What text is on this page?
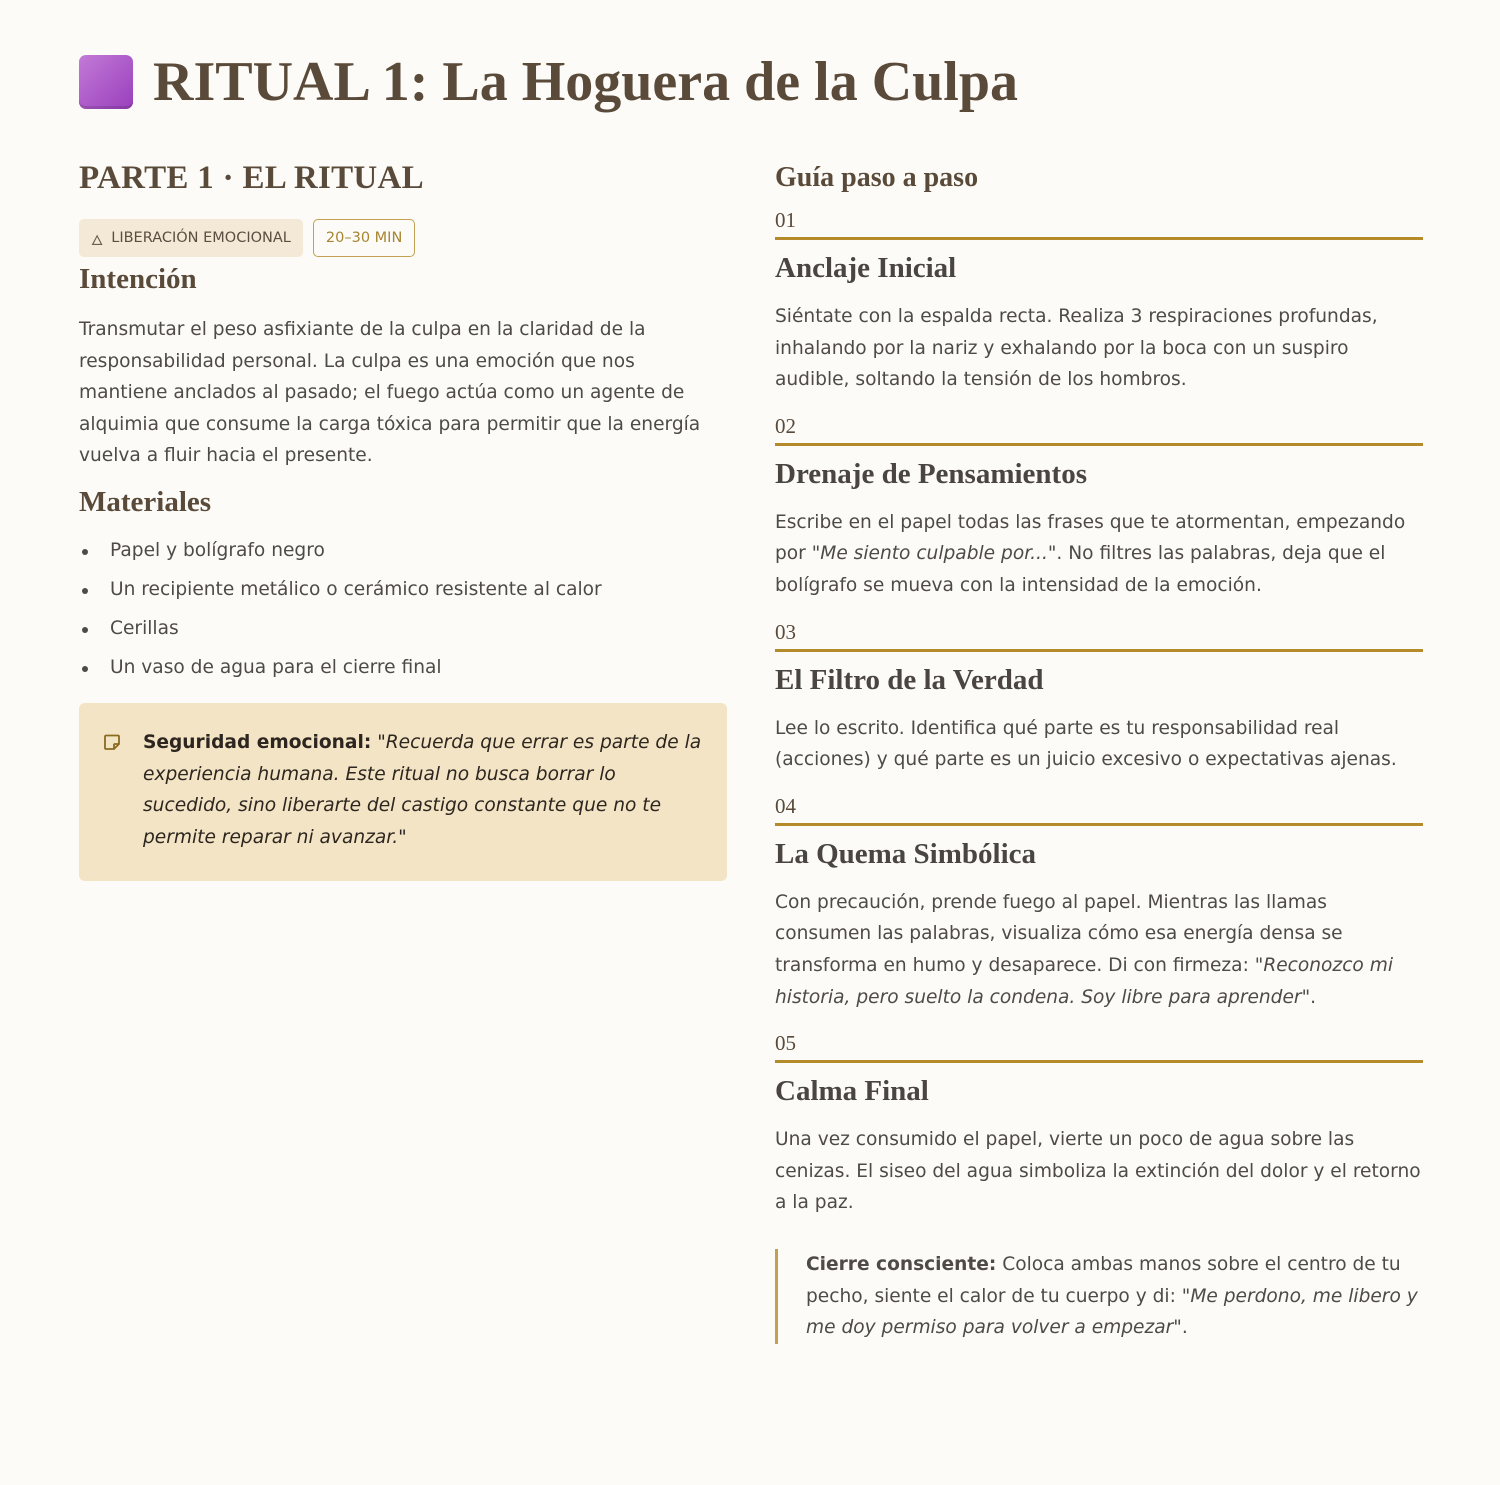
RITUAL 1: La Hoguera de la Culpa
PARTE 1 · EL RITUAL
🜂 LIBERACIÓN EMOCIONAL	20–30 MIN
Intención

Transmutar el peso asfixiante de la culpa en la claridad de la responsabilidad personal. La culpa es una emoción que nos mantiene anclados al pasado; el fuego actúa como un agente de alquimia que consume la carga tóxica para permitir que la energía vuelva a fluir hacia el presente.

Materiales
Papel y bolígrafo negro
Un recipiente metálico o cerámico resistente al calor
Cerillas
Un vaso de agua para el cierre final

Seguridad emocional: "Recuerda que errar es parte de la experiencia humana. Este ritual no busca borrar lo sucedido, sino liberarte del castigo constante que no te permite reparar ni avanzar."

Guía paso a paso
01
Anclaje Inicial

Siéntate con la espalda recta. Realiza 3 respiraciones profundas, inhalando por la nariz y exhalando por la boca con un suspiro audible, soltando la tensión de los hombros.

02
Drenaje de Pensamientos

Escribe en el papel todas las frases que te atormentan, empezando por "Me siento culpable por...". No filtres las palabras, deja que el bolígrafo se mueva con la intensidad de la emoción.

03
El Filtro de la Verdad

Lee lo escrito. Identifica qué parte es tu responsabilidad real (acciones) y qué parte es un juicio excesivo o expectativas ajenas.

04
La Quema Simbólica

Con precaución, prende fuego al papel. Mientras las llamas consumen las palabras, visualiza cómo esa energía densa se transforma en humo y desaparece. Di con firmeza: "Reconozco mi historia, pero suelto la condena. Soy libre para aprender".

05
Calma Final

Una vez consumido el papel, vierte un poco de agua sobre las cenizas. El siseo del agua simboliza la extinción del dolor y el retorno a la paz.

Cierre consciente: Coloca ambas manos sobre el centro de tu pecho, siente el calor de tu cuerpo y di: "Me perdono, me libero y me doy permiso para volver a empezar".
